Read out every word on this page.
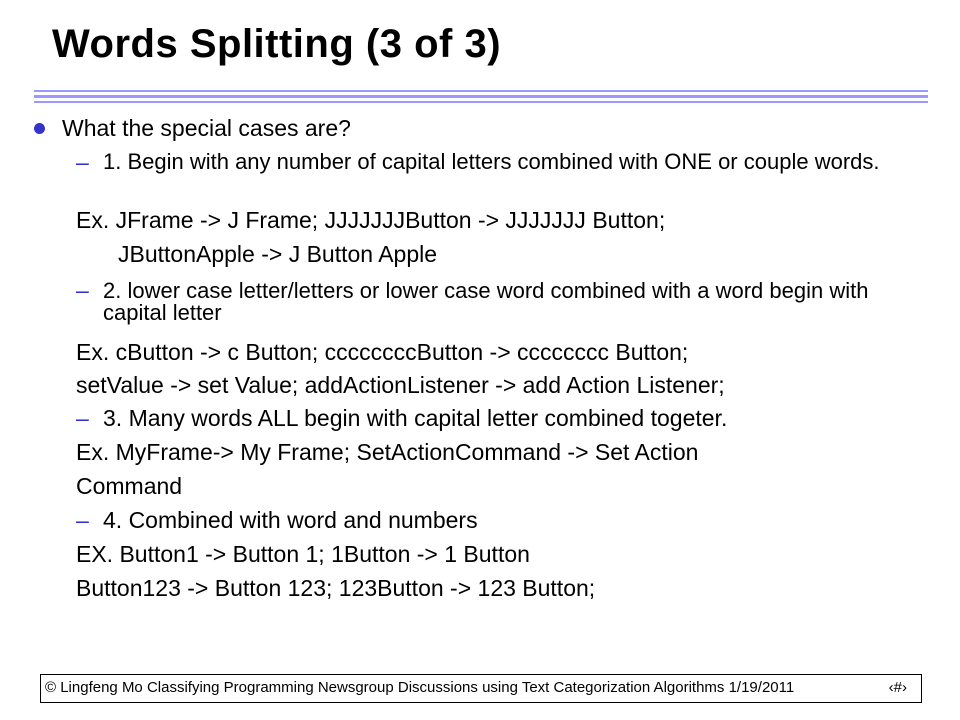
Words Splitting (3 of 3)
What the special cases are?
– 1. Begin with any number of capital letters combined with ONE or couple words.
Ex. JFrame -> J Frame; JJJJJJJButton -> JJJJJJJ Button;
JButtonApple -> J Button Apple
– 2. lower case letter/letters or lower case word combined with a word begin with capital letter
Ex. cButton -> c Button; ccccccccButton -> cccccccc Button;
setValue -> set Value; addActionListener -> add Action Listener;
– 3. Many words ALL begin with capital letter combined togeter.
Ex. MyFrame-> My Frame; SetActionCommand -> Set Action
Command
– 4. Combined with word and numbers
EX. Button1 -> Button 1; 1Button -> 1 Button
Button123 -> Button 123; 123Button -> 123 Button;
© Lingfeng Mo Classifying Programming Newsgroup Discussions using Text Categorization Algorithms 1/19/2011	‹#›
